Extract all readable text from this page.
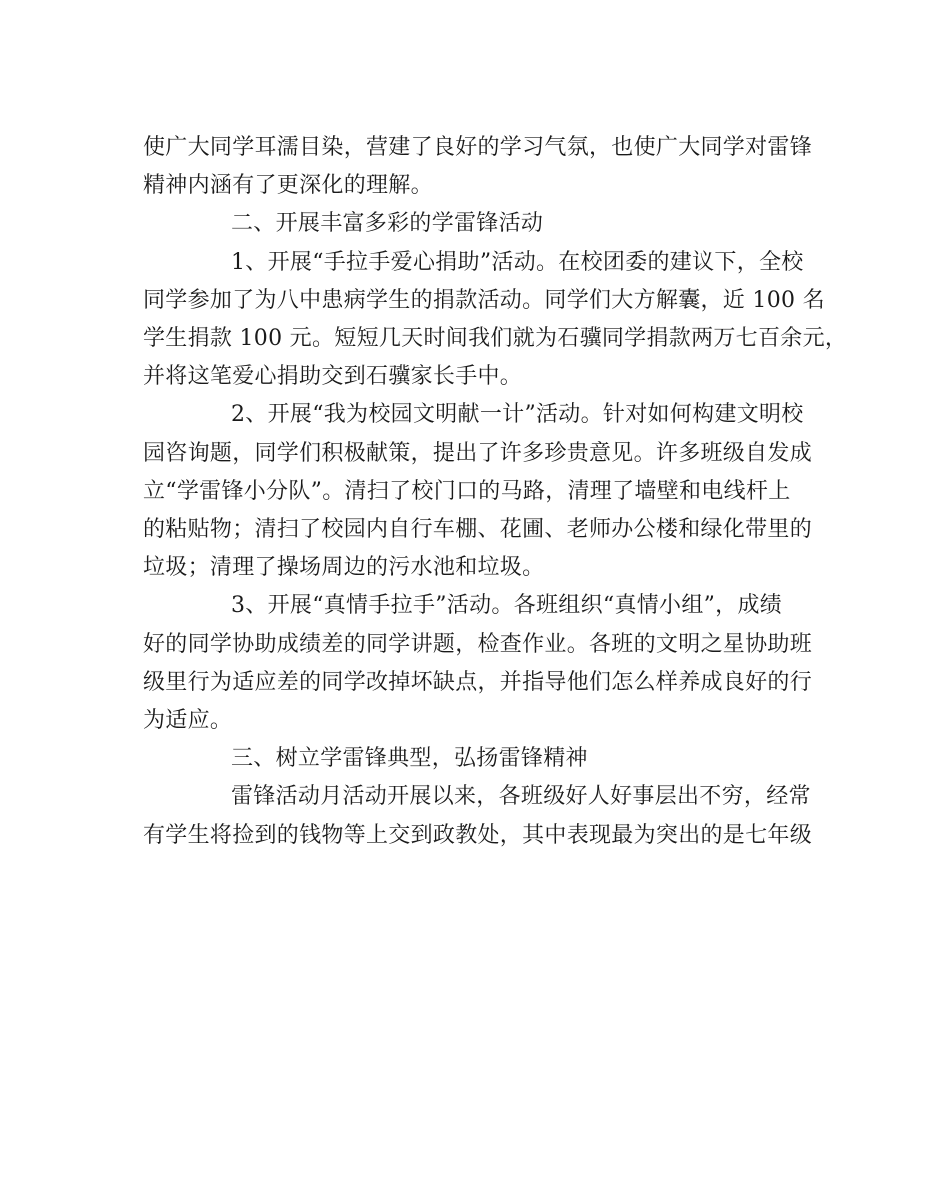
使广大同学耳濡目染，营建了良好的学习气氛，也使广大同学对雷锋
精神内涵有了更深化的理解。
二、开展丰富多彩的学雷锋活动
1、开展“手拉手爱心捐助”活动。在校团委的建议下，全校
同学参加了为八中患病学生的捐款活动。同学们大方解囊，近 100 名
学生捐款 100 元。短短几天时间我们就为石骥同学捐款两万七百余元，
并将这笔爱心捐助交到石骥家长手中。
2、开展“我为校园文明献一计”活动。针对如何构建文明校
园咨询题，同学们积极献策，提出了许多珍贵意见。许多班级自发成
立“学雷锋小分队”。清扫了校门口的马路，清理了墙壁和电线杆上
的粘贴物；清扫了校园内自行车棚、花圃、老师办公楼和绿化带里的
垃圾；清理了操场周边的污水池和垃圾。
3、开展“真情手拉手”活动。各班组织“真情小组”，成绩
好的同学协助成绩差的同学讲题，检查作业。各班的文明之星协助班
级里行为适应差的同学改掉坏缺点，并指导他们怎么样养成良好的行
为适应。
三、树立学雷锋典型，弘扬雷锋精神
雷锋活动月活动开展以来，各班级好人好事层出不穷，经常
有学生将捡到的钱物等上交到政教处，其中表现最为突出的是七年级
